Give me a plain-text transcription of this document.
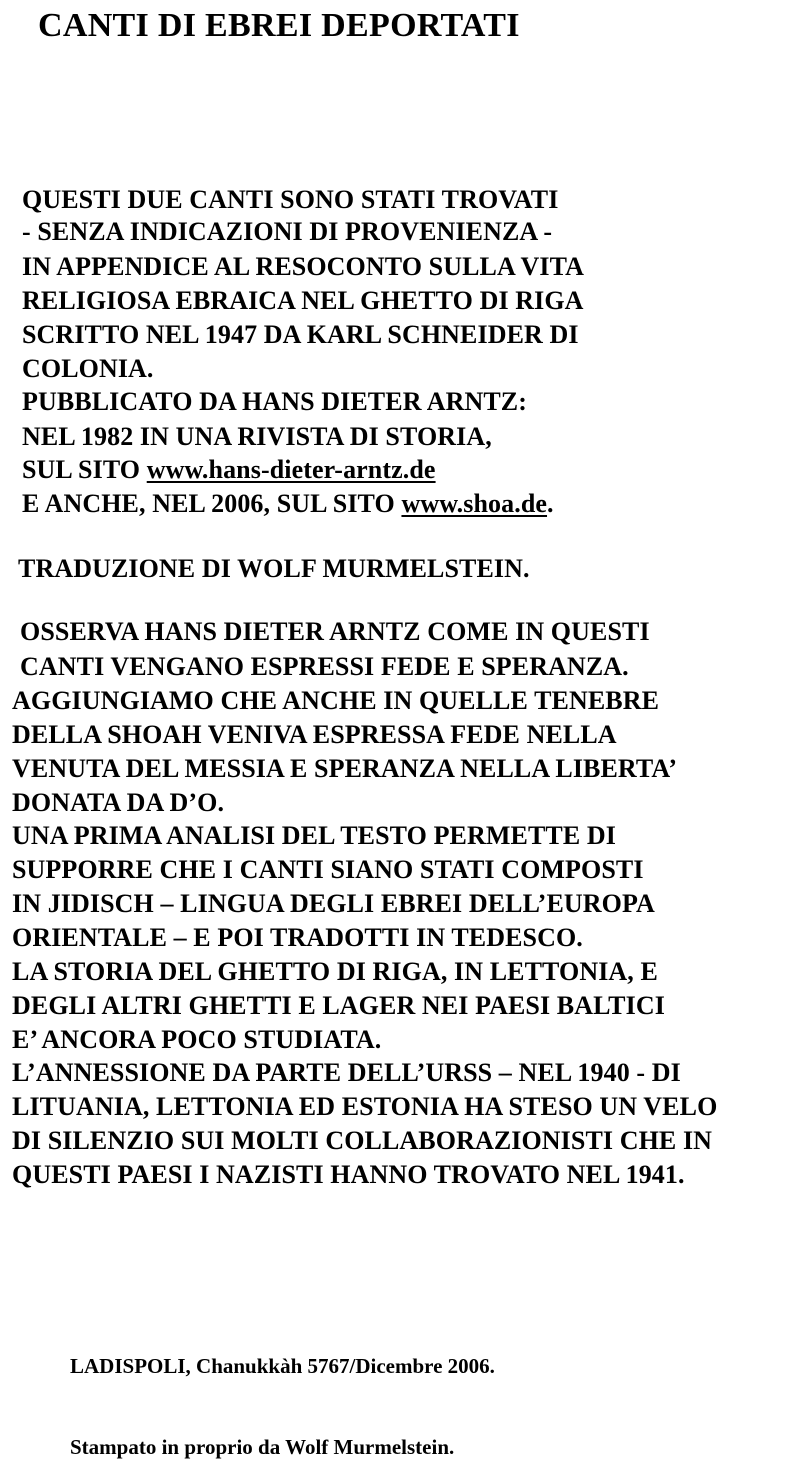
CANTI DI EBREI DEPORTATI
QUESTI DUE CANTI SONO STATI TROVATI
- SENZA INDICAZIONI DI PROVENIENZA -
IN APPENDICE AL RESOCONTO SULLA VITA
RELIGIOSA EBRAICA NEL GHETTO DI RIGA
SCRITTO NEL 1947 DA KARL SCHNEIDER DI
COLONIA.
PUBBLICATO DA HANS DIETER ARNTZ:
NEL 1982 IN UNA RIVISTA DI STORIA,
SUL SITO www.hans-dieter-arntz.de
E ANCHE, NEL 2006, SUL SITO www.shoa.de.
TRADUZIONE DI WOLF MURMELSTEIN.
OSSERVA HANS DIETER ARNTZ COME IN QUESTI
CANTI VENGANO ESPRESSI FEDE E SPERANZA.
AGGIUNGIAMO CHE ANCHE IN QUELLE TENEBRE
DELLA SHOAH VENIVA ESPRESSA FEDE NELLA
VENUTA DEL MESSIA E SPERANZA NELLA LIBERTA’
DONATA DA D’O.
UNA PRIMA ANALISI DEL TESTO PERMETTE DI
SUPPORRE CHE I CANTI SIANO STATI COMPOSTI
IN JIDISCH – LINGUA DEGLI EBREI DELL’EUROPA
ORIENTALE – E POI TRADOTTI IN TEDESCO.
LA STORIA DEL GHETTO DI RIGA, IN LETTONIA, E
DEGLI ALTRI GHETTI E LAGER NEI PAESI BALTICI
E’ ANCORA POCO STUDIATA.
L’ANNESSIONE DA PARTE DELL’URSS – NEL 1940 - DI
LITUANIA, LETTONIA ED ESTONIA HA STESO UN VELO
DI SILENZIO SUI MOLTI COLLABORAZIONISTI CHE IN
QUESTI PAESI I NAZISTI HANNO TROVATO NEL 1941.
LADISPOLI, Chanukkàh 5767/Dicembre 2006.
Stampato in proprio da Wolf Murmelstein.
